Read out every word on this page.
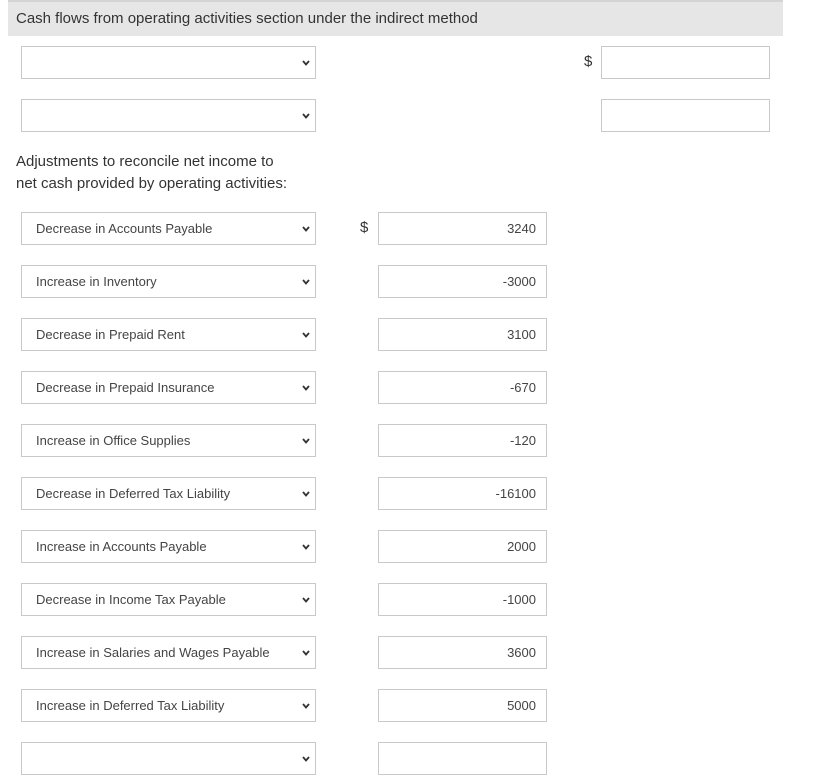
Cash flows from operating activities section under the indirect method
$
Adjustments to reconcile net income to
net cash provided by operating activities:
$
Decrease in Accounts Payable	3240
Increase in Inventory	-3000
Decrease in Prepaid Rent	3100
Decrease in Prepaid Insurance	-670
Increase in Office Supplies	-120
Decrease in Deferred Tax Liability	-16100
Increase in Accounts Payable	2000
Decrease in Income Tax Payable	-1000
Increase in Salaries and Wages Payable	3600
Increase in Deferred Tax Liability	5000
